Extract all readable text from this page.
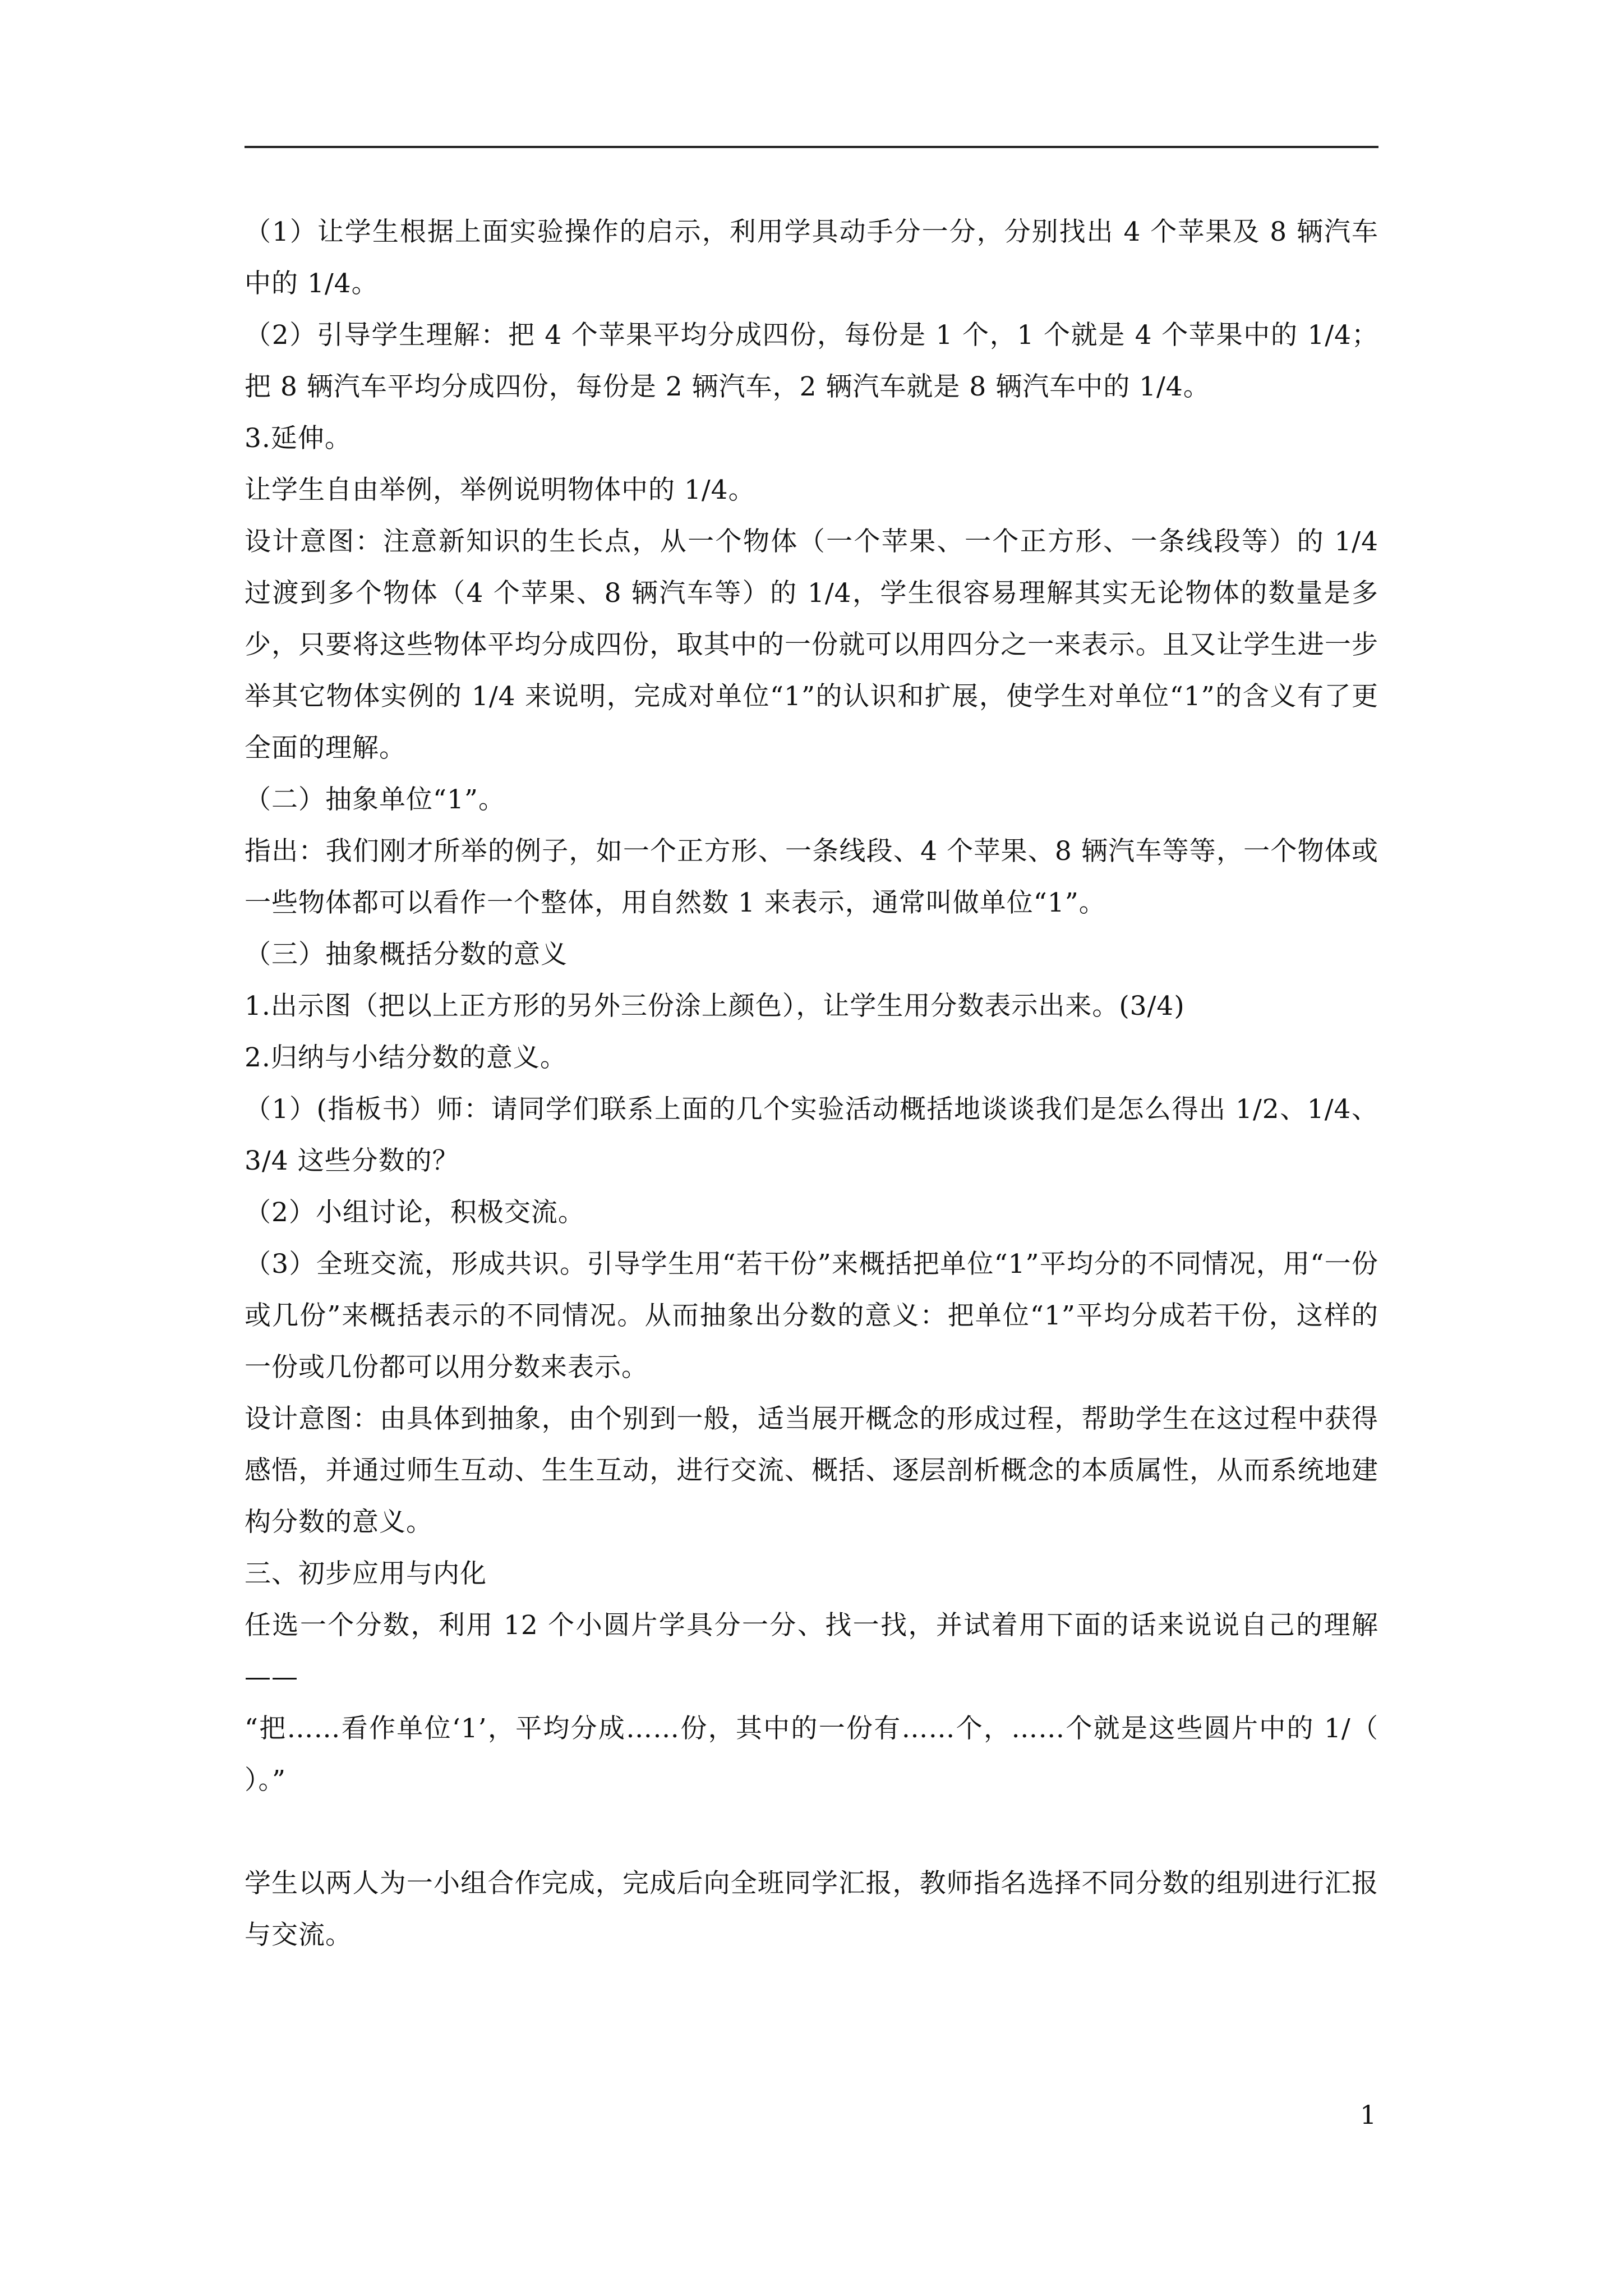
（1）让学生根据上面实验操作的启示，利用学具动手分一分，分别找出 4 个苹果及 8 辆汽车中的 1/4。

（2）引导学生理解：把 4 个苹果平均分成四份，每份是 1 个，1 个就是 4 个苹果中的 1/4；把 8 辆汽车平均分成四份，每份是 2 辆汽车，2 辆汽车就是 8 辆汽车中的 1/4。

3.延伸。

让学生自由举例，举例说明物体中的 1/4。

设计意图：注意新知识的生长点，从一个物体（一个苹果、一个正方形、一条线段等）的 1/4 过渡到多个物体（4 个苹果、8 辆汽车等）的 1/4，学生很容易理解其实无论物体的数量是多少，只要将这些物体平均分成四份，取其中的一份就可以用四分之一来表示。且又让学生进一步举其它物体实例的 1/4 来说明，完成对单位“1”的认识和扩展，使学生对单位“1”的含义有了更全面的理解。

（二）抽象单位“1”。

指出：我们刚才所举的例子，如一个正方形、一条线段、4 个苹果、8 辆汽车等等，一个物体或一些物体都可以看作一个整体，用自然数 1 来表示，通常叫做单位“1”。

（三）抽象概括分数的意义

1.出示图（把以上正方形的另外三份涂上颜色），让学生用分数表示出来。(3/4)

2.归纳与小结分数的意义。

（1）(指板书）师：请同学们联系上面的几个实验活动概括地谈谈我们是怎么得出 1/2、1/4、3/4 这些分数的？

（2）小组讨论，积极交流。

（3）全班交流，形成共识。引导学生用“若干份”来概括把单位“1”平均分的不同情况，用“一份或几份”来概括表示的不同情况。从而抽象出分数的意义：把单位“1”平均分成若干份，这样的一份或几份都可以用分数来表示。

设计意图：由具体到抽象，由个别到一般，适当展开概念的形成过程，帮助学生在这过程中获得感悟，并通过师生互动、生生互动，进行交流、概括、逐层剖析概念的本质属性，从而系统地建构分数的意义。

三、初步应用与内化

任选一个分数，利用 12 个小圆片学具分一分、找一找，并试着用下面的话来说说自己的理解——

“把……看作单位‘1’，平均分成……份，其中的一份有……个，……个就是这些圆片中的 1/（　　）。”

学生以两人为一小组合作完成，完成后向全班同学汇报，教师指名选择不同分数的组别进行汇报与交流。

1
